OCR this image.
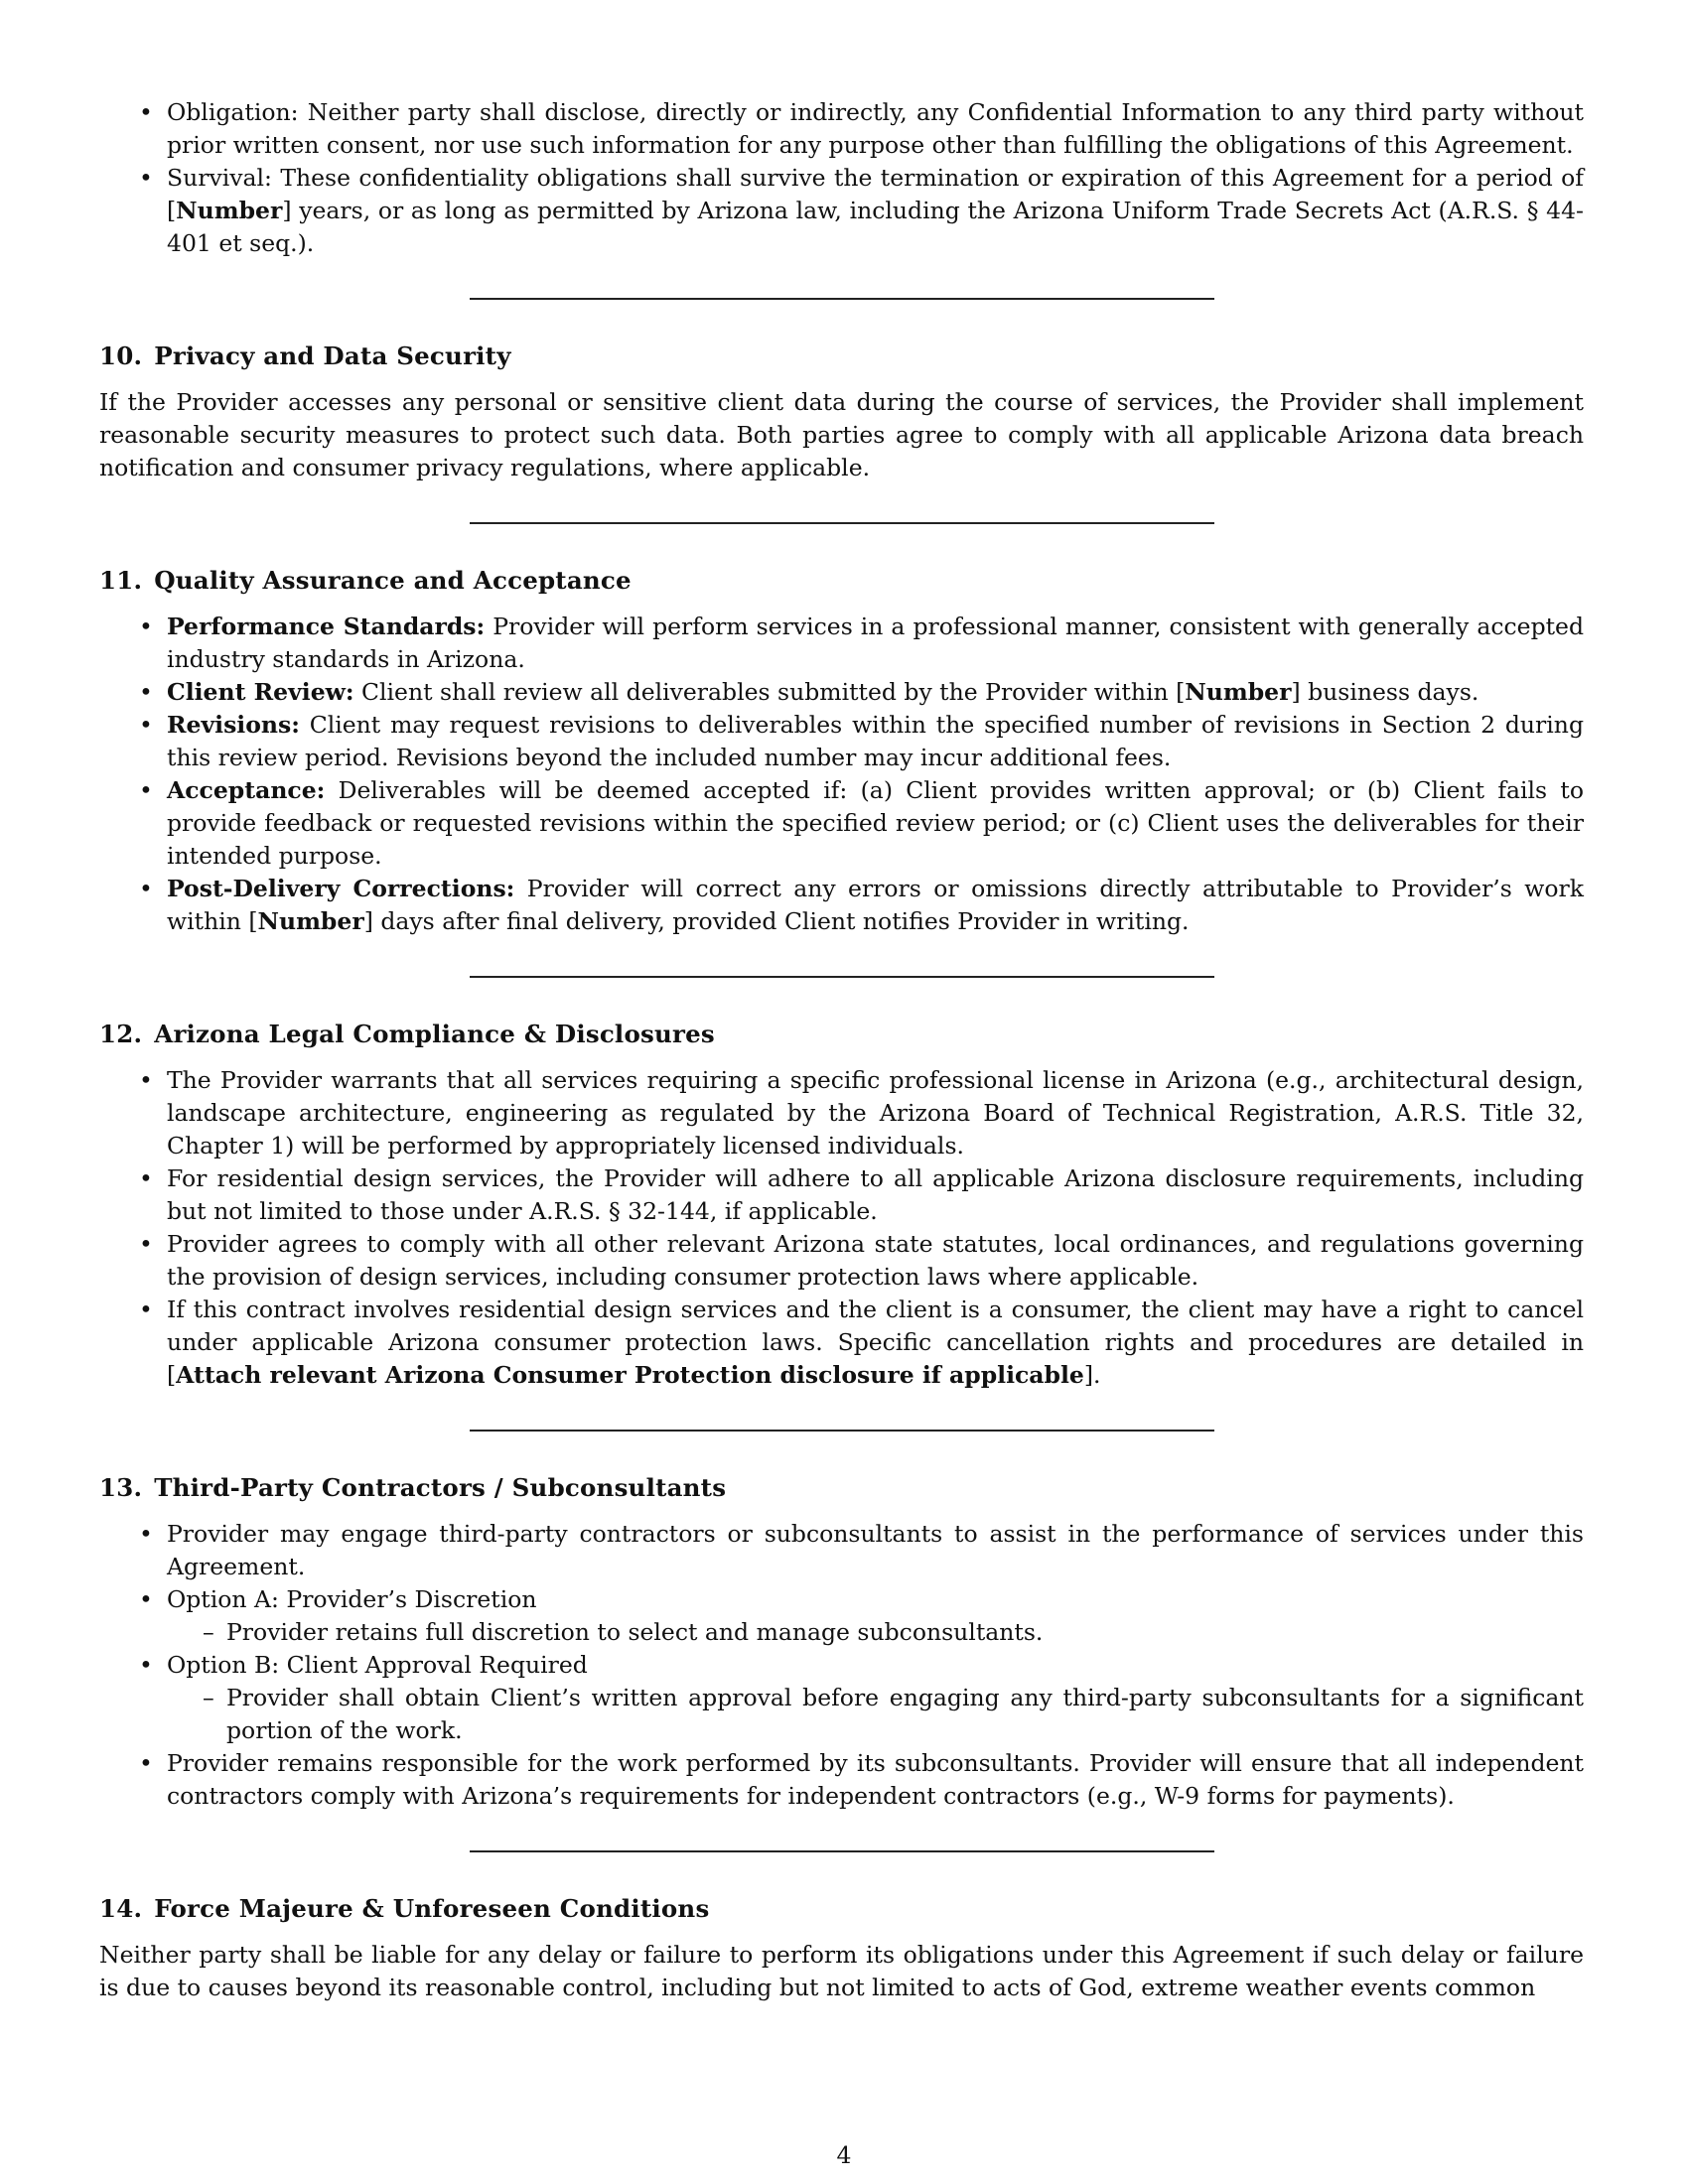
• Obligation: Neither party shall disclose, directly or indirectly, any Confidential Information to any third party without prior written consent, nor use such information for any purpose other than fulfilling the obligations of this Agreement.
• Survival: These confidentiality obligations shall survive the termination or expiration of this Agreement for a period of [Number] years, or as long as permitted by Arizona law, including the Arizona Uniform Trade Secrets Act (A.R.S. § 44-401 et seq.).
10. Privacy and Data Security

If the Provider accesses any personal or sensitive client data during the course of services, the Provider shall implement reasonable security measures to protect such data. Both parties agree to comply with all applicable Arizona data breach notification and consumer privacy regulations, where applicable.

11. Quality Assurance and Acceptance
• Performance Standards: Provider will perform services in a professional manner, consistent with generally accepted industry standards in Arizona.
• Client Review: Client shall review all deliverables submitted by the Provider within [Number] business days.
• Revisions: Client may request revisions to deliverables within the specified number of revisions in Section 2 during this review period. Revisions beyond the included number may incur additional fees.
• Acceptance: Deliverables will be deemed accepted if: (a) Client provides written approval; or (b) Client fails to provide feedback or requested revisions within the specified review period; or (c) Client uses the deliverables for their intended purpose.
• Post-Delivery Corrections: Provider will correct any errors or omissions directly attributable to Provider’s work within [Number] days after final delivery, provided Client notifies Provider in writing.
12. Arizona Legal Compliance & Disclosures
• The Provider warrants that all services requiring a specific professional license in Arizona (e.g., architectural design, landscape architecture, engineering as regulated by the Arizona Board of Technical Registration, A.R.S. Title 32, Chapter 1) will be performed by appropriately licensed individuals.
• For residential design services, the Provider will adhere to all applicable Arizona disclosure requirements, including but not limited to those under A.R.S. § 32-144, if applicable.
• Provider agrees to comply with all other relevant Arizona state statutes, local ordinances, and regulations governing the provision of design services, including consumer protection laws where applicable.
• If this contract involves residential design services and the client is a consumer, the client may have a right to cancel under applicable Arizona consumer protection laws. Specific cancellation rights and procedures are detailed in [Attach relevant Arizona Consumer Protection disclosure if applicable].
13. Third-Party Contractors / Subconsultants
• Provider may engage third-party contractors or subconsultants to assist in the performance of services under this Agreement.
• Option A: Provider’s Discretion
– Provider retains full discretion to select and manage subconsultants.
• Option B: Client Approval Required
– Provider shall obtain Client’s written approval before engaging any third-party subconsultants for a significant portion of the work.
• Provider remains responsible for the work performed by its subconsultants. Provider will ensure that all independent contractors comply with Arizona’s requirements for independent contractors (e.g., W-9 forms for payments).
14. Force Majeure & Unforeseen Conditions

Neither party shall be liable for any delay or failure to perform its obligations under this Agreement if such delay or failure is due to causes beyond its reasonable control, including but not limited to acts of God, extreme weather events common

4
